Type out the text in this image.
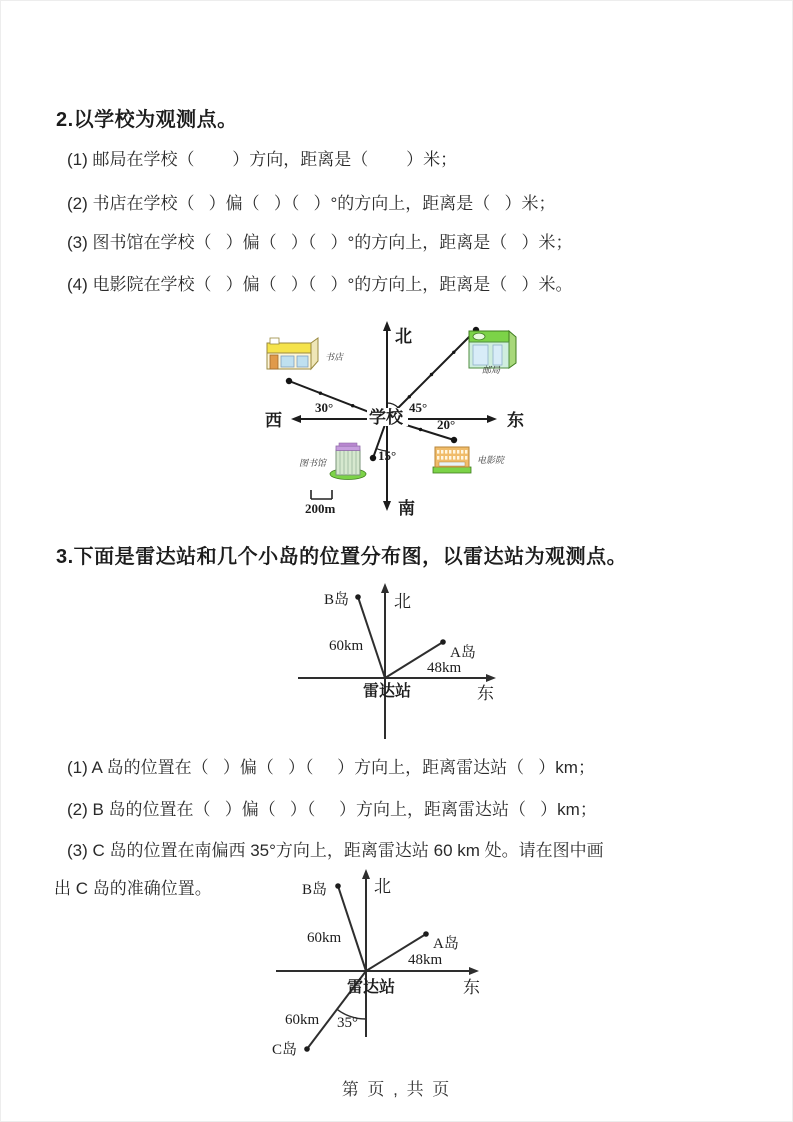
2.以学校为观测点。
(1) 邮局在学校（        ）方向，距离是（        ）米；
(2) 书店在学校（   ）偏（   ）（   ）°的方向上，距离是（   ）米；
(3) 图书馆在学校（   ）偏（   ）（   ）°的方向上，距离是（   ）米；
(4) 电影院在学校（   ）偏（   ）（   ）°的方向上，距离是（   ）米。
200m
学校
北
南
西	东
45°
30°
20°
15°
书店
邮局
图书馆	电影院
3.下面是雷达站和几个小岛的位置分布图，以雷达站为观测点。
北
东
雷达站
B岛
60km	A岛
48km
(1) A 岛的位置在（   ）偏（   ）（     ）方向上，距离雷达站（   ）km；
(2) B 岛的位置在（   ）偏（   ）（     ）方向上，距离雷达站（   ）km；
(3) C 岛的位置在南偏西 35°方向上，距离雷达站 60 km 处。请在图中画
出 C 岛的准确位置。	北
东
雷达站
B岛
60km	A岛
48km
C岛
60km 35°
第 页 , 共 页
